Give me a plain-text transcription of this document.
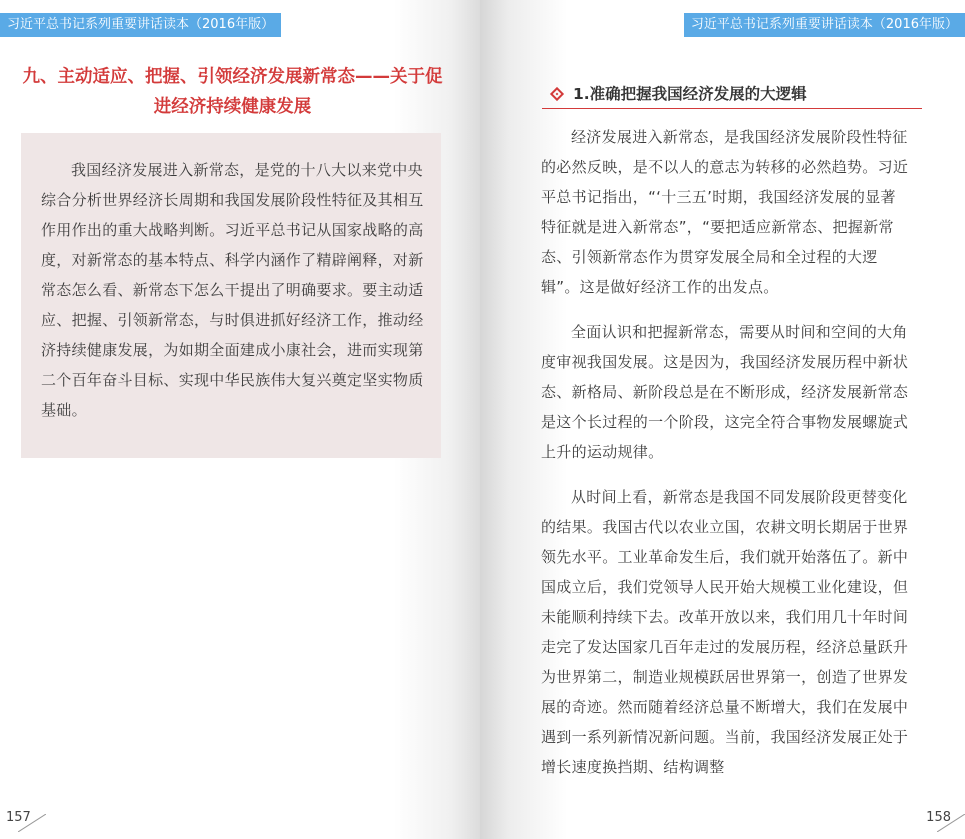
习近平总书记系列重要讲话读本（2016年版）
九、主动适应、把握、引领经济发展新常态——关于促进经济持续健康发展

我国经济发展进入新常态，是党的十八大以来党中央综合分析世界经济长周期和我国发展阶段性特征及其相互作用作出的重大战略判断。习近平总书记从国家战略的高度，对新常态的基本特点、科学内涵作了精辟阐释，对新常态怎么看、新常态下怎么干提出了明确要求。要主动适应、把握、引领新常态，与时俱进抓好经济工作，推动经济持续健康发展，为如期全面建成小康社会，进而实现第二个百年奋斗目标、实现中华民族伟大复兴奠定坚实物质基础。

157
习近平总书记系列重要讲话读本（2016年版）
1.准确把握我国经济发展的大逻辑

经济发展进入新常态，是我国经济发展阶段性特征的必然反映，是不以人的意志为转移的必然趋势。习近平总书记指出，“‘十三五’时期，我国经济发展的显著特征就是进入新常态”，“要把适应新常态、把握新常态、引领新常态作为贯穿发展全局和全过程的大逻辑”。这是做好经济工作的出发点。

全面认识和把握新常态，需要从时间和空间的大角度审视我国发展。这是因为，我国经济发展历程中新状态、新格局、新阶段总是在不断形成，经济发展新常态是这个长过程的一个阶段，这完全符合事物发展螺旋式上升的运动规律。

从时间上看，新常态是我国不同发展阶段更替变化的结果。我国古代以农业立国，农耕文明长期居于世界领先水平。工业革命发生后，我们就开始落伍了。新中国成立后，我们党领导人民开始大规模工业化建设，但未能顺利持续下去。改革开放以来，我们用几十年时间走完了发达国家几百年走过的发展历程，经济总量跃升为世界第二，制造业规模跃居世界第一，创造了世界发展的奇迹。然而随着经济总量不断增大，我们在发展中遇到一系列新情况新问题。当前，我国经济发展正处于增长速度换挡期、结构调整

158
